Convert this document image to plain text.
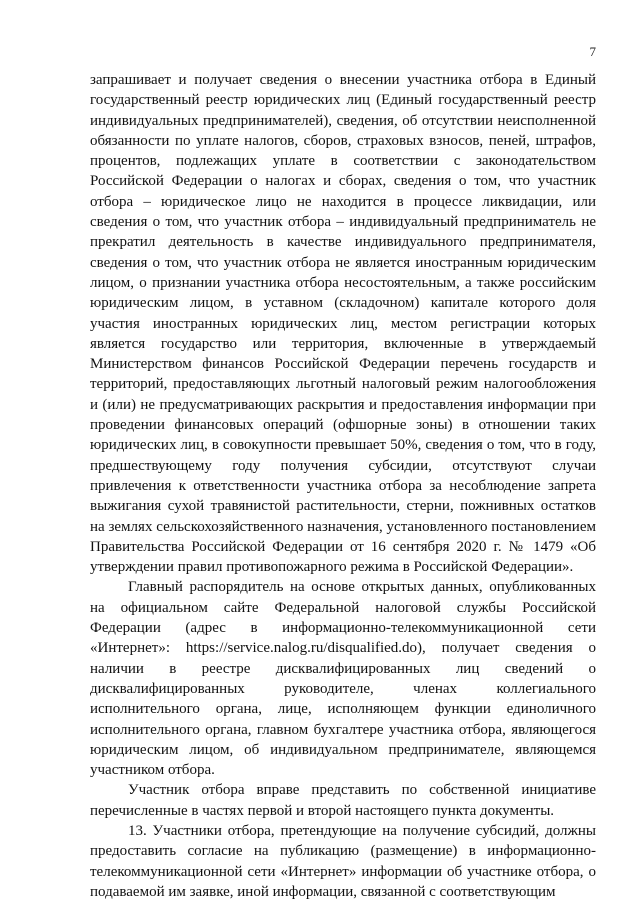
7

запрашивает и получает сведения о внесении участника отбора в Единый государственный реестр юридических лиц (Единый государственный реестр индивидуальных предпринимателей), сведения, об отсутствии неисполненной обязанности по уплате налогов, сборов, страховых взносов, пеней, штрафов, процентов, подлежащих уплате в соответствии с законодательством Российской Федерации о налогах и сборах, сведения о том, что участник отбора – юридическое лицо не находится в процессе ликвидации, или сведения о том, что участник отбора – индивидуальный предприниматель не прекратил деятельность в качестве индивидуального предпринимателя, сведения о том, что участник отбора не является иностранным юридическим лицом, о признании участника отбора несостоятельным, а также российским юридическим лицом, в уставном (складочном) капитале которого доля участия иностранных юридических лиц, местом регистрации которых является государство или территория, включенные в утверждаемый Министерством финансов Российской Федерации перечень государств и территорий, предоставляющих льготный налоговый режим налогообложения и (или) не предусматривающих раскрытия и предоставления информации при проведении финансовых операций (офшорные зоны) в отношении таких юридических лиц, в совокупности превышает 50%, сведения о том, что в году, предшествующему году получения субсидии, отсутствуют случаи привлечения к ответственности участника отбора за несоблюдение запрета выжигания сухой травянистой растительности, стерни, пожнивных остатков на землях сельскохозяйственного назначения, установленного постановлением Правительства Российской Федерации от 16 сентября 2020 г. № 1479 «Об утверждении правил противопожарного режима в Российской Федерации».

Главный распорядитель на основе открытых данных, опубликованных на официальном сайте Федеральной налоговой службы Российской Федерации (адрес в информационно-телекоммуникационной сети «Интернет»: https://service.nalog.ru/disqualified.do), получает сведения о наличии в реестре дисквалифицированных лиц сведений о дисквалифицированных руководителе, членах коллегиального исполнительного органа, лице, исполняющем функции единоличного исполнительного органа, главном бухгалтере участника отбора, являющегося юридическим лицом, об индивидуальном предпринимателе, являющемся участником отбора.

Участник отбора вправе представить по собственной инициативе перечисленные в частях первой и второй настоящего пункта документы.

13. Участники отбора, претендующие на получение субсидий, должны предоставить согласие на публикацию (размещение) в информационно-телекоммуникационной сети «Интернет» информации об участнике отбора, о подаваемой им заявке, иной информации, связанной с соответствующим
